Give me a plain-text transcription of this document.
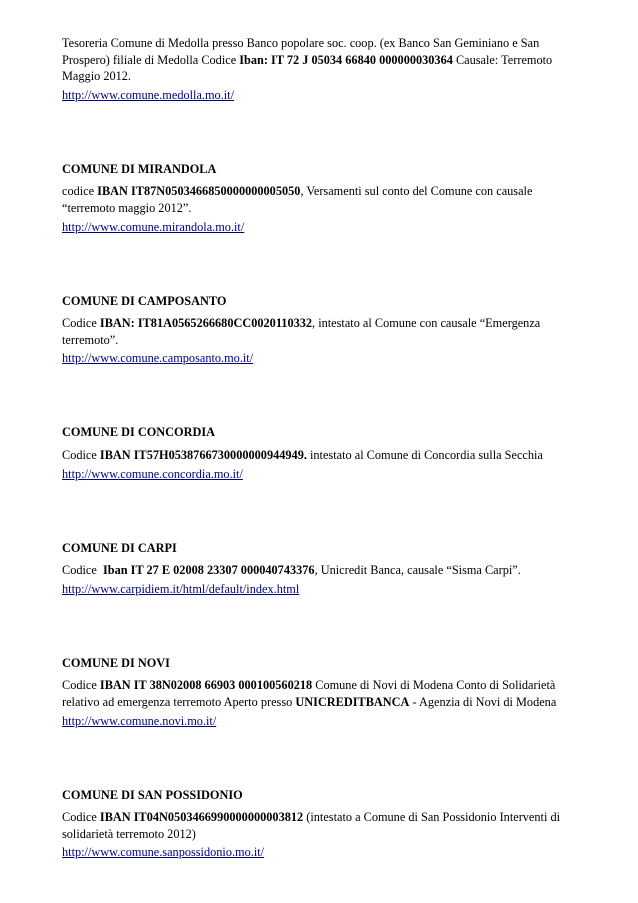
Tesoreria Comune di Medolla presso Banco popolare soc. coop. (ex Banco San Geminiano e San Prospero) filiale di Medolla Codice Iban: IT 72 J 05034 66840 000000030364 Causale: Terremoto Maggio 2012.

http://www.comune.medolla.mo.it/

COMUNE DI MIRANDOLA

codice IBAN IT87N0503466850000000005050, Versamenti sul conto del Comune con causale “terremoto maggio 2012”.

http://www.comune.mirandola.mo.it/

COMUNE DI CAMPOSANTO

Codice IBAN: IT81A0565266680CC0020110332, intestato al Comune con causale “Emergenza terremoto”.

http://www.comune.camposanto.mo.it/

COMUNE DI CONCORDIA

Codice IBAN IT57H0538766730000000944949. intestato al Comune di Concordia sulla Secchia

http://www.comune.concordia.mo.it/

COMUNE DI CARPI

Codice  Iban IT 27 E 02008 23307 000040743376, Unicredit Banca, causale “Sisma Carpi”.

http://www.carpidiem.it/html/default/index.html

COMUNE DI NOVI

Codice IBAN IT 38N02008 66903 000100560218 Comune di Novi di Modena Conto di Solidarietà relativo ad emergenza terremoto Aperto presso UNICREDITBANCA - Agenzia di Novi di Modena

http://www.comune.novi.mo.it/

COMUNE DI SAN POSSIDONIO

Codice IBAN IT04N0503466990000000003812 (intestato a Comune di San Possidonio Interventi di solidarietà terremoto 2012)

http://www.comune.sanpossidonio.mo.it/
